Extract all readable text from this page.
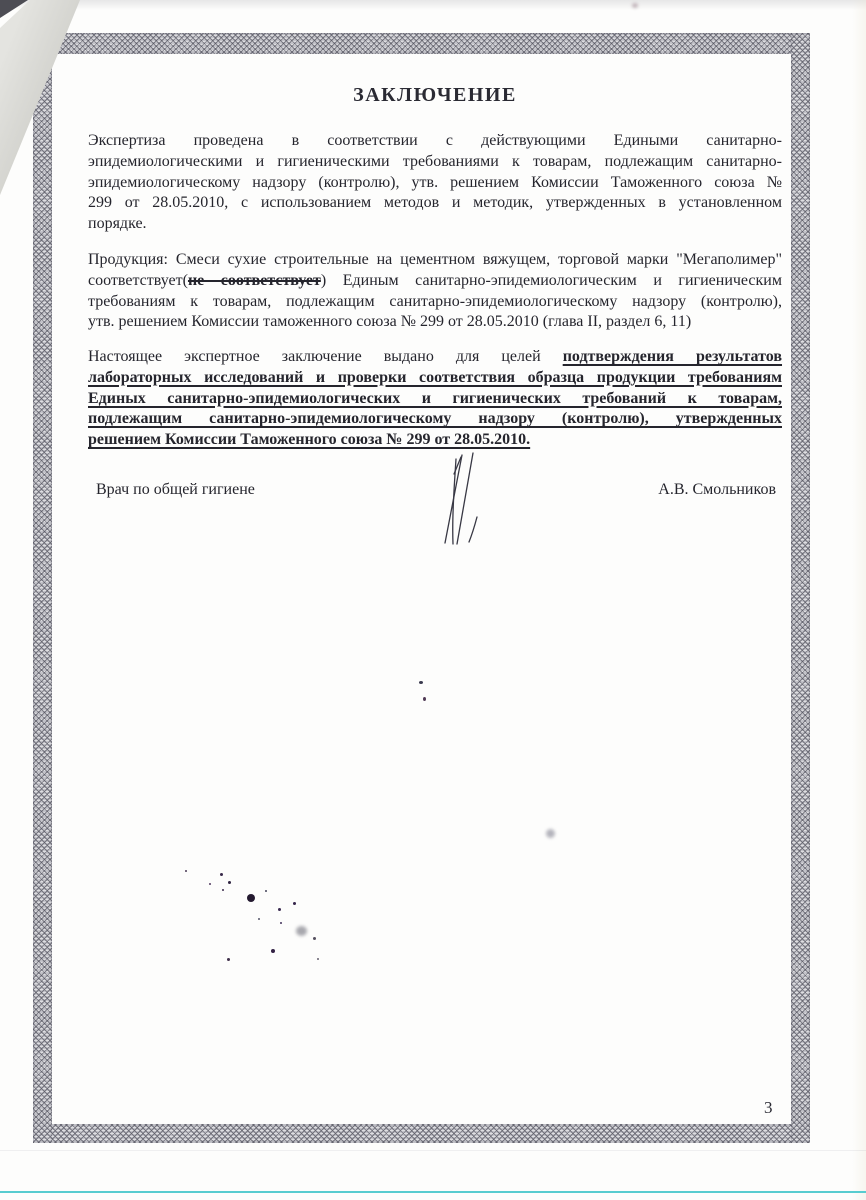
ЗАКЛЮЧЕНИЕ
Экспертиза проведена в соответствии с действующими Едиными санитарно-
эпидемиологическими и гигиеническими требованиями к товарам, подлежащим санитарно-
эпидемиологическому надзору (контролю), утв. решением Комиссии Таможенного союза №
299 от 28.05.2010, с использованием методов и методик, утвержденных в установленном
порядке.
Продукция: Смеси сухие строительные на цементном вяжущем, торговой марки "Мегаполимер"
соответствует(не соответствует) Единым санитарно-эпидемиологическим и гигиеническим
требованиям к товарам, подлежащим санитарно-эпидемиологическому надзору (контролю),
утв. решением Комиссии таможенного союза № 299 от 28.05.2010 (глава II, раздел 6, 11)
Настоящее экспертное заключение выдано для целей подтверждения результатов
лабораторных исследований и проверки соответствия образца продукции требованиям
Единых санитарно-эпидемиологических и гигиенических требований к товарам,
подлежащим санитарно-эпидемиологическому надзору (контролю), утвержденных
решением Комиссии Таможенного союза № 299 от 28.05.2010.
Врач по общей гигиене	А.В. Смольников
3
